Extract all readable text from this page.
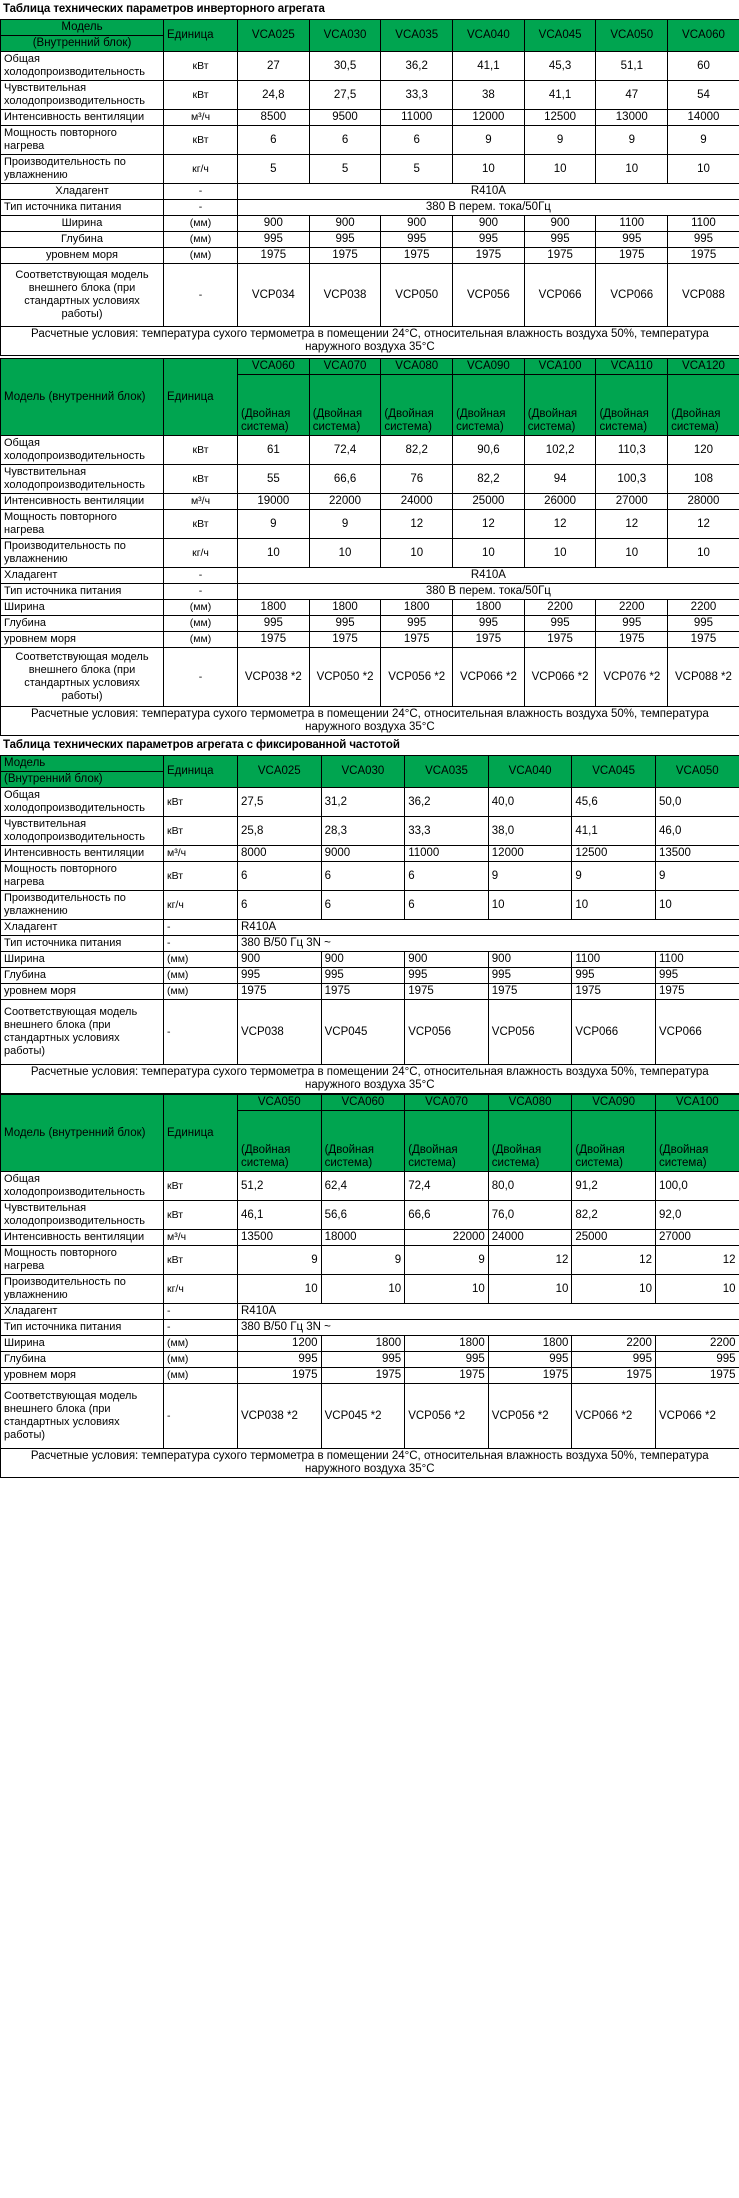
Таблица технических параметров инверторного агрегата
Модель
(Внутренний блок)	Единица	VCA025	VCA030	VCA035	VCA040	VCA045	VCA050	VCA060
Общая холодопроизводительность	кВт	27	30,5	36,2	41,1	45,3	51,1	60
Чувствительная холодопроизводительность	кВт	24,8	27,5	33,3	38	41,1	47	54
Интенсивность вентиляции	м³/ч	8500	9500	11000	12000	12500	13000	14000
Мощность повторного нагрева	кВт	6	6	6	9	9	9	9
Производительность по увлажнению	кг/ч	5	5	5	10	10	10	10
Хладагент	-	R410A						
Тип источника питания	-	380 В перем. тока/50Гц						
Ширина	(мм)	900	900	900	900	900	1100	1100
Глубина	(мм)	995	995	995	995	995	995	995
уровнем моря	(мм)	1975	1975	1975	1975	1975	1975	1975
Соответствующая модель внешнего блока (при стандартных условиях работы)	-	VCP034	VCP038	VCP050	VCP056	VCP066	VCP066	VCP088
Расчетные условия: температура сухого термометра в помещении 24°С, относительная влажность воздуха 50%, температура наружного воздуха 35°С								
Модель (внутренний блок)	Единица	VCA060	VCA070	VCA080	VCA090	VCA100	VCA110	VCA120
		(Двойная система)	(Двойная система)	(Двойная система)	(Двойная система)	(Двойная система)	(Двойная система)	(Двойная система)
Общая холодопроизводительность	кВт	61	72,4	82,2	90,6	102,2	110,3	120
Чувствительная холодопроизводительность	кВт	55	66,6	76	82,2	94	100,3	108
Интенсивность вентиляции	м³/ч	19000	22000	24000	25000	26000	27000	28000
Мощность повторного нагрева	кВт	9	9	12	12	12	12	12
Производительность по увлажнению	кг/ч	10	10	10	10	10	10	10
Хладагент	-	R410A						
Тип источника питания	-	380 В перем. тока/50Гц						
Ширина	(мм)	1800	1800	1800	1800	2200	2200	2200
Глубина	(мм)	995	995	995	995	995	995	995
уровнем моря	(мм)	1975	1975	1975	1975	1975	1975	1975
Соответствующая модель внешнего блока (при стандартных условиях работы)	-	VCP038 *2	VCP050 *2	VCP056 *2	VCP066 *2	VCP066 *2	VCP076 *2	VCP088 *2
Расчетные условия: температура сухого термометра в помещении 24°С, относительная влажность воздуха 50%, температура наружного воздуха 35°С								
Таблица технических параметров агрегата с фиксированной частотой
Модель
(Внутренний блок)	Единица	VCA025	VCA030	VCA035	VCA040	VCA045	VCA050
Общая холодопроизводительность	кВт	27,5	31,2	36,2	40,0	45,6	50,0
Чувствительная холодопроизводительность	кВт	25,8	28,3	33,3	38,0	41,1	46,0
Интенсивность вентиляции	м³/ч	8000	9000	11000	12000	12500	13500
Мощность повторного нагрева	кВт	6	6	6	9	9	9
Производительность по увлажнению	кг/ч	6	6	6	10	10	10
Хладагент	-	R410A					
Тип источника питания	-	380 В/50 Гц 3N ~					
Ширина	(мм)	900	900	900	900	1100	1100
Глубина	(мм)	995	995	995	995	995	995
уровнем моря	(мм)	1975	1975	1975	1975	1975	1975
Соответствующая модель внешнего блока (при стандартных условиях работы)	-	VCP038	VCP045	VCP056	VCP056	VCP066	VCP066
Расчетные условия: температура сухого термометра в помещении 24°С, относительная влажность воздуха 50%, температура наружного воздуха 35°С							
Модель (внутренний блок)	Единица	VCA050	VCA060	VCA070	VCA080	VCA090	VCA100
		(Двойная система)	(Двойная система)	(Двойная система)	(Двойная система)	(Двойная система)	(Двойная система)
Общая холодопроизводительность	кВт	51,2	62,4	72,4	80,0	91,2	100,0
Чувствительная холодопроизводительность	кВт	46,1	56,6	66,6	76,0	82,2	92,0
Интенсивность вентиляции	м³/ч	13500	18000	22000	24000	25000	27000
Мощность повторного нагрева	кВт	9	9	9	12	12	12
Производительность по увлажнению	кг/ч	10	10	10	10	10	10
Хладагент	-	R410A					
Тип источника питания	-	380 В/50 Гц 3N ~					
Ширина	(мм)	1200	1800	1800	1800	2200	2200
Глубина	(мм)	995	995	995	995	995	995
уровнем моря	(мм)	1975	1975	1975	1975	1975	1975
Соответствующая модель внешнего блока (при стандартных условиях работы)	-	VCP038 *2	VCP045 *2	VCP056 *2	VCP056 *2	VCP066 *2	VCP066 *2
Расчетные условия: температура сухого термометра в помещении 24°С, относительная влажность воздуха 50%, температура наружного воздуха 35°С							
